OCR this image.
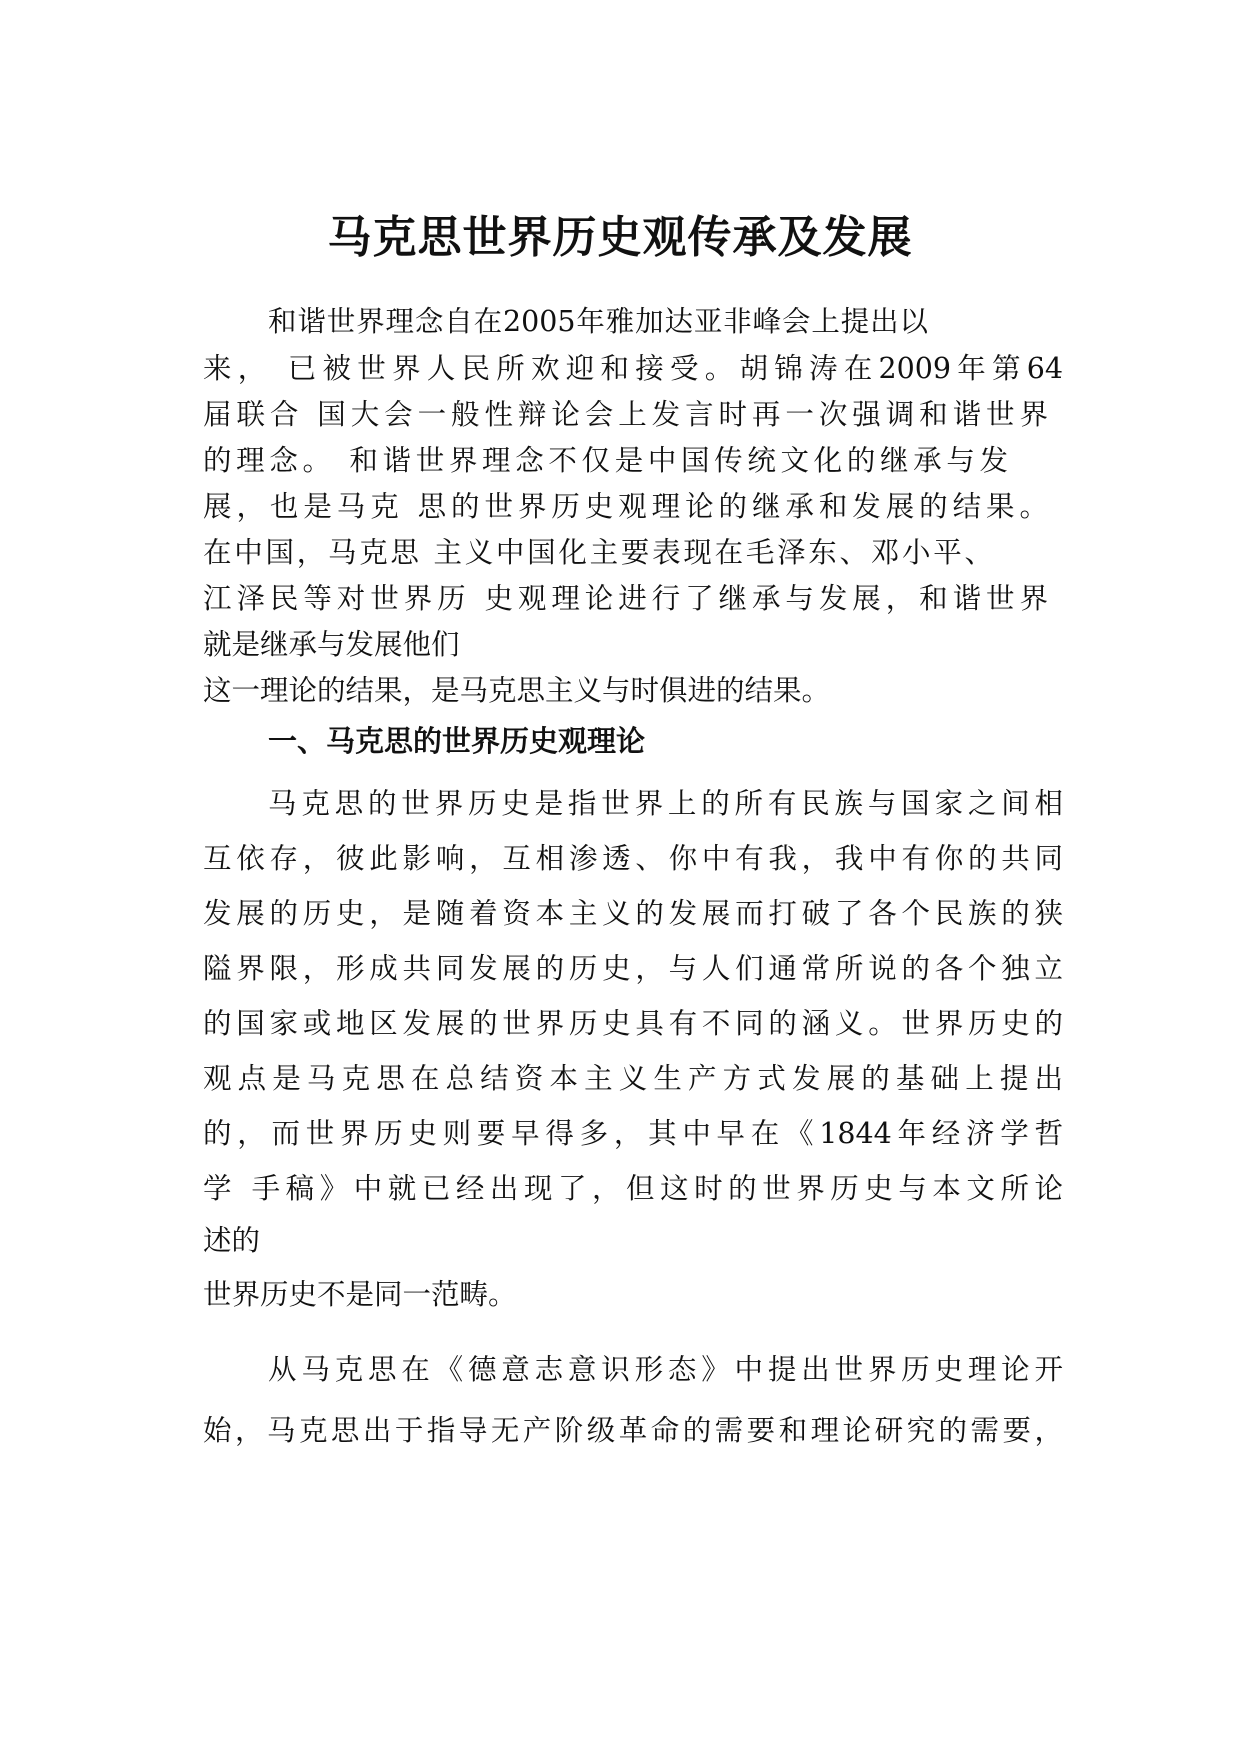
马克思世界历史观传承及发展

和谐世界理念自在2005年雅加达亚非峰会上提出以

来， 已被世界人民所欢迎和接受。胡锦涛在2009年第64

届联合 国大会一般性辩论会上发言时再一次强调和谐世界

的理念。 和谐世界理念不仅是中国传统文化的继承与发

展，也是马克 思的世界历史观理论的继承和发展的结果。

在中国，马克思 主义中国化主要表现在毛泽东、邓小平、

江泽民等对世界历 史观理论进行了继承与发展，和谐世界

就是继承与发展他们

这一理论的结果，是马克思主义与时俱进的结果。

一、马克思的世界历史观理论

马克思的世界历史是指世界上的所有民族与国家之间相

互依存，彼此影响，互相渗透、你中有我，我中有你的共同

发展的历史，是随着资本主义的发展而打破了各个民族的狭

隘界限，形成共同发展的历史，与人们通常所说的各个独立

的国家或地区发展的世界历史具有不同的涵义。世界历史的

观点是马克思在总结资本主义生产方式发展的基础上提出

的，而世界历史则要早得多，其中早在《1844年经济学哲

学 手稿》中就已经出现了，但这时的世界历史与本文所论

述的

世界历史不是同一范畴。

从马克思在《德意志意识形态》中提出世界历史理论开

始，马克思出于指导无产阶级革命的需要和理论研究的需要，
